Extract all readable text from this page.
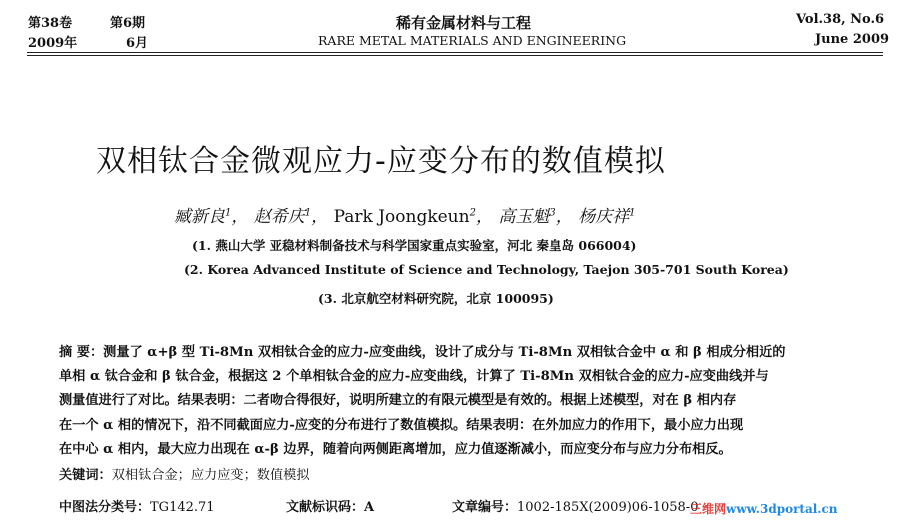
第38卷	第6期
2009年	6月
稀有金属材料与工程
RARE METAL MATERIALS AND ENGINEERING
Vol.38, No.6
June 2009
双相钛合金微观应力-应变分布的数值模拟
臧新良$^1$， 赵希庆$^1$， Park Joongkeun$^2$， 高玉魁$^3$， 杨庆祥$^1$
(1. 燕山大学 亚稳材料制备技术与科学国家重点实验室，河北 秦皇岛 066004)
(2. Korea Advanced Institute of Science and Technology, Taejon 305-701 South Korea)
(3. 北京航空材料研究院，北京 100095)
摘 要：测量了 α+β 型 Ti-8Mn 双相钛合金的应力-应变曲线，设计了成分与 Ti-8Mn 双相钛合金中 α 和 β 相成分相近的
单相 α 钛合金和 β 钛合金，根据这 2 个单相钛合金的应力-应变曲线，计算了 Ti-8Mn 双相钛合金的应力-应变曲线并与
测量值进行了对比。结果表明：二者吻合得很好，说明所建立的有限元模型是有效的。根据上述模型，对在 β 相内存
在一个 α 相的情况下，沿不同截面应力-应变的分布进行了数值模拟。结果表明：在外加应力的作用下，最小应力出现
在中心 α 相内，最大应力出现在 α-β 边界，随着向两侧距离增加，应力值逐渐减小，而应变分布与应力分布相反。
关键词：双相钛合金；应力应变；数值模拟
中图法分类号：TG142.71	文献标识码：A	文章编号：1002-185X(2009)06-1058-0
三维网www.3dportal.cn
